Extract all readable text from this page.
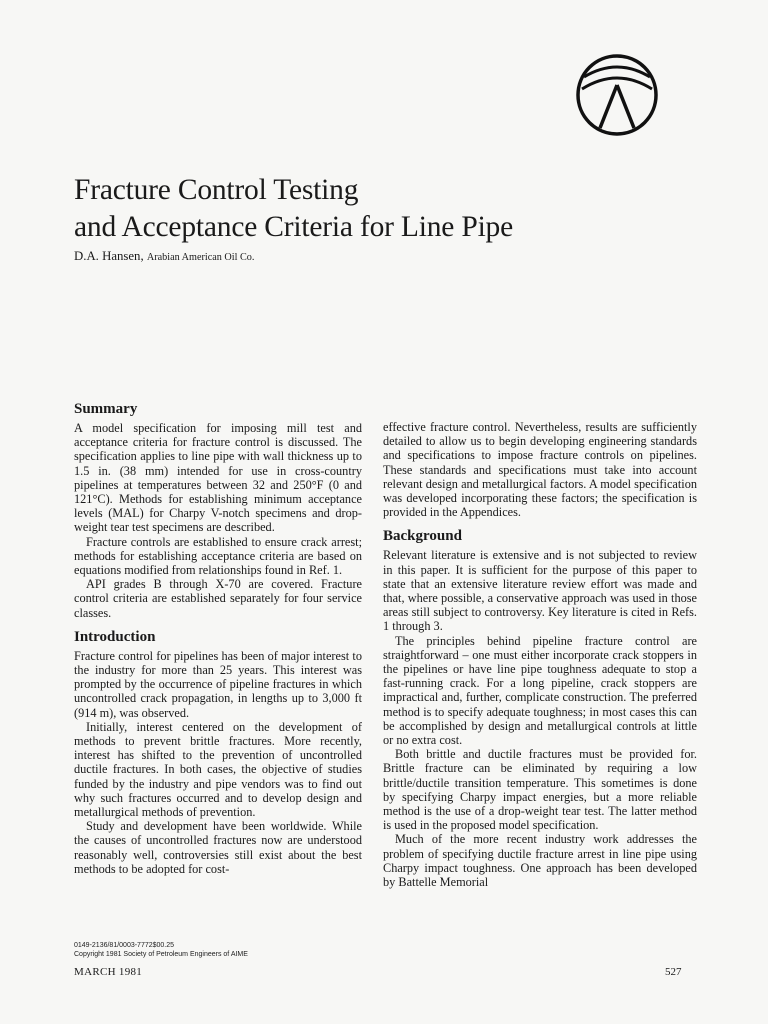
Fracture Control Testing
and Acceptance Criteria for Line Pipe
D.A. Hansen, Arabian American Oil Co.
Summary

A model specification for imposing mill test and acceptance criteria for fracture control is discussed. The specification applies to line pipe with wall thickness up to 1.5 in. (38 mm) intended for use in cross-country pipelines at temperatures between 32 and 250°F (0 and 121°C). Methods for establishing minimum acceptance levels (MAL) for Charpy V-notch specimens and drop-weight tear test specimens are described.

Fracture controls are established to ensure crack arrest; methods for establishing acceptance criteria are based on equations modified from relationships found in Ref. 1.

API grades B through X-70 are covered. Fracture control criteria are established separately for four service classes.

Introduction

Fracture control for pipelines has been of major interest to the industry for more than 25 years. This interest was prompted by the occurrence of pipeline fractures in which uncontrolled crack propagation, in lengths up to 3,000 ft (914 m), was observed.

Initially, interest centered on the development of methods to prevent brittle fractures. More recently, interest has shifted to the prevention of uncontrolled ductile fractures. In both cases, the objective of studies funded by the industry and pipe vendors was to find out why such fractures occurred and to develop design and metallurgical methods of prevention.

Study and development have been worldwide. While the causes of uncontrolled fractures now are understood reasonably well, controversies still exist about the best methods to be adopted for cost-

effective fracture control. Nevertheless, results are sufficiently detailed to allow us to begin developing engineering standards and specifications to impose fracture controls on pipelines. These standards and specifications must take into account relevant design and metallurgical factors. A model specification was developed incorporating these factors; the specification is provided in the Appendices.

Background

Relevant literature is extensive and is not subjected to review in this paper. It is sufficient for the purpose of this paper to state that an extensive literature review effort was made and that, where possible, a conservative approach was used in those areas still subject to controversy. Key literature is cited in Refs. 1 through 3.

The principles behind pipeline fracture control are straightforward – one must either incorporate crack stoppers in the pipelines or have line pipe toughness adequate to stop a fast-running crack. For a long pipeline, crack stoppers are impractical and, further, complicate construction. The preferred method is to specify adequate toughness; in most cases this can be accomplished by design and metallurgical controls at little or no extra cost.

Both brittle and ductile fractures must be provided for. Brittle fracture can be eliminated by requiring a low brittle/ductile transition temperature. This sometimes is done by specifying Charpy impact energies, but a more reliable method is the use of a drop-weight tear test. The latter method is used in the proposed model specification.

Much of the more recent industry work addresses the problem of specifying ductile fracture arrest in line pipe using Charpy impact toughness. One approach has been developed by Battelle Memorial

0149-2136/81/0003-7772$00.25
Copyright 1981 Society of Petroleum Engineers of AIME
MARCH 1981	527
